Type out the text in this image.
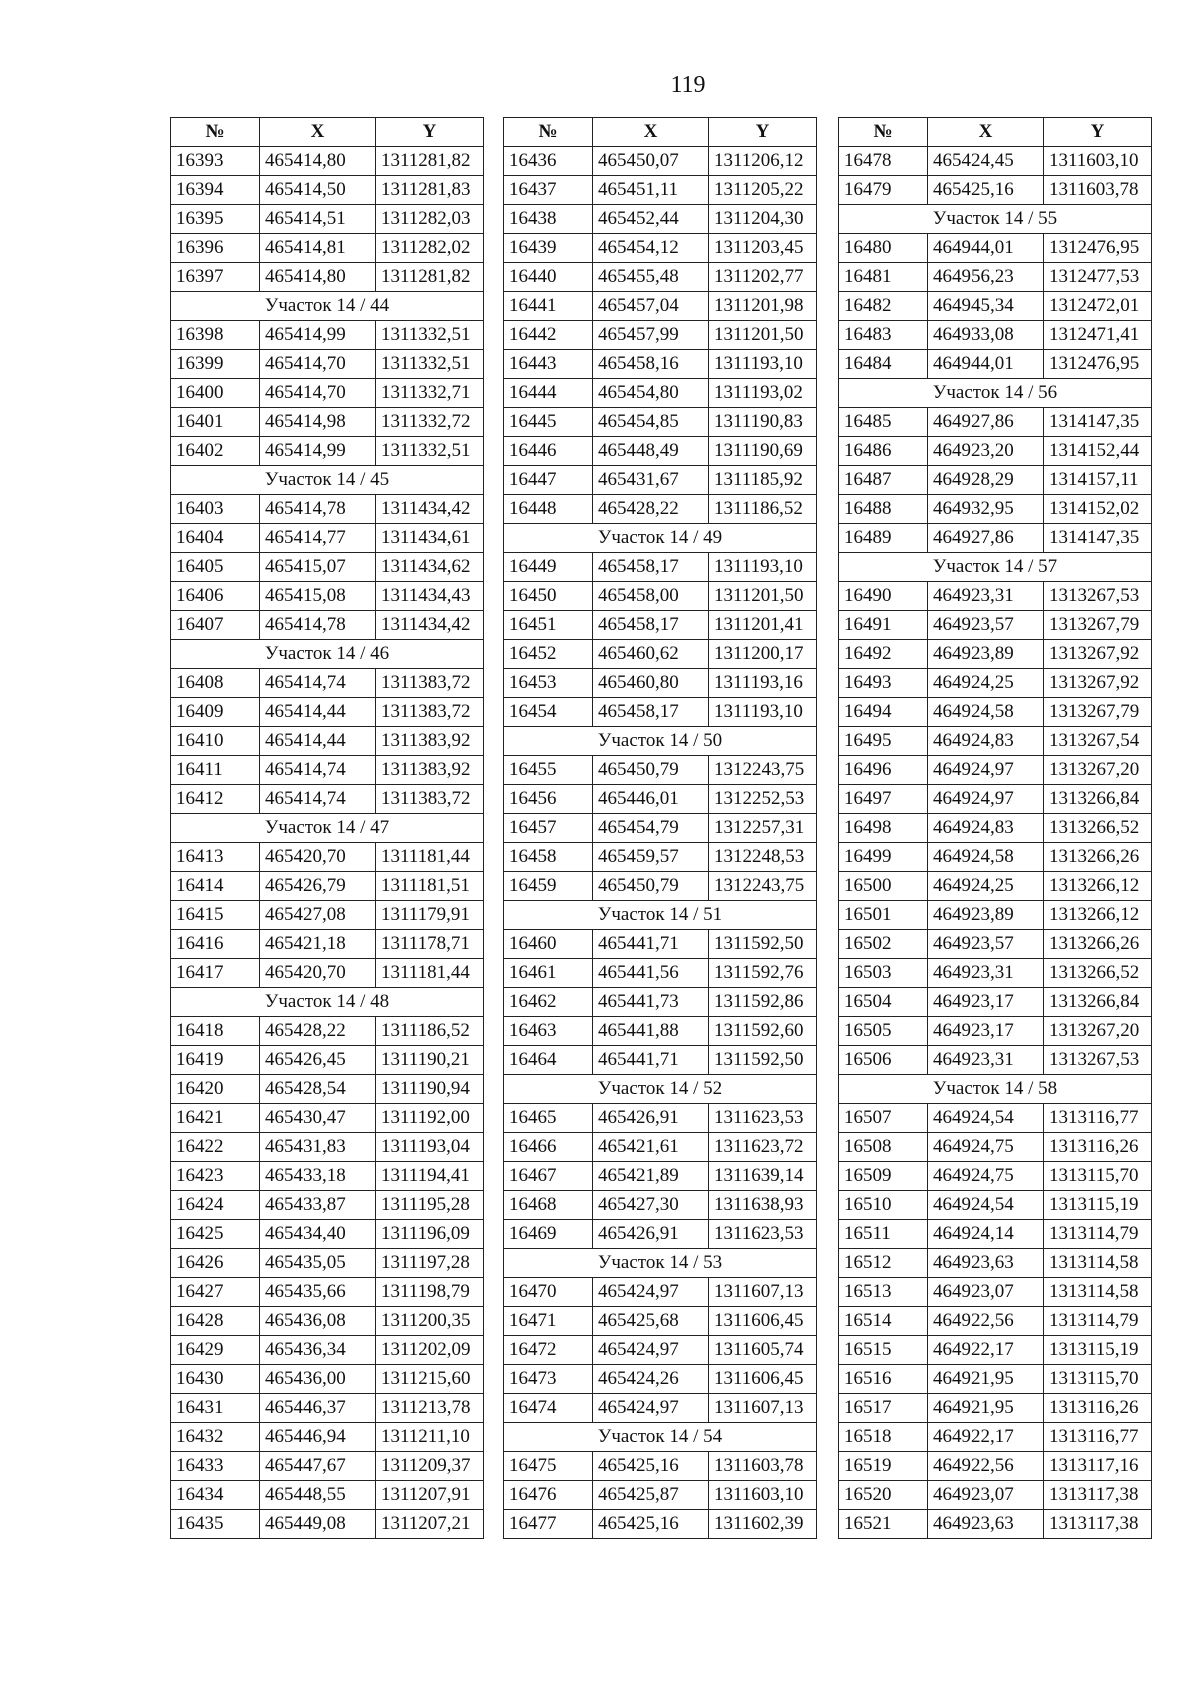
119
№	X	Y
16393	465414,80	1311281,82
16394	465414,50	1311281,83
16395	465414,51	1311282,03
16396	465414,81	1311282,02
16397	465414,80	1311281,82
Участок 14 / 44		
16398	465414,99	1311332,51
16399	465414,70	1311332,51
16400	465414,70	1311332,71
16401	465414,98	1311332,72
16402	465414,99	1311332,51
Участок 14 / 45		
16403	465414,78	1311434,42
16404	465414,77	1311434,61
16405	465415,07	1311434,62
16406	465415,08	1311434,43
16407	465414,78	1311434,42
Участок 14 / 46		
16408	465414,74	1311383,72
16409	465414,44	1311383,72
16410	465414,44	1311383,92
16411	465414,74	1311383,92
16412	465414,74	1311383,72
Участок 14 / 47		
16413	465420,70	1311181,44
16414	465426,79	1311181,51
16415	465427,08	1311179,91
16416	465421,18	1311178,71
16417	465420,70	1311181,44
Участок 14 / 48		
16418	465428,22	1311186,52
16419	465426,45	1311190,21
16420	465428,54	1311190,94
16421	465430,47	1311192,00
16422	465431,83	1311193,04
16423	465433,18	1311194,41
16424	465433,87	1311195,28
16425	465434,40	1311196,09
16426	465435,05	1311197,28
16427	465435,66	1311198,79
16428	465436,08	1311200,35
16429	465436,34	1311202,09
16430	465436,00	1311215,60
16431	465446,37	1311213,78
16432	465446,94	1311211,10
16433	465447,67	1311209,37
16434	465448,55	1311207,91
16435	465449,08	1311207,21
№	X	Y
16436	465450,07	1311206,12
16437	465451,11	1311205,22
16438	465452,44	1311204,30
16439	465454,12	1311203,45
16440	465455,48	1311202,77
16441	465457,04	1311201,98
16442	465457,99	1311201,50
16443	465458,16	1311193,10
16444	465454,80	1311193,02
16445	465454,85	1311190,83
16446	465448,49	1311190,69
16447	465431,67	1311185,92
16448	465428,22	1311186,52
Участок 14 / 49		
16449	465458,17	1311193,10
16450	465458,00	1311201,50
16451	465458,17	1311201,41
16452	465460,62	1311200,17
16453	465460,80	1311193,16
16454	465458,17	1311193,10
Участок 14 / 50		
16455	465450,79	1312243,75
16456	465446,01	1312252,53
16457	465454,79	1312257,31
16458	465459,57	1312248,53
16459	465450,79	1312243,75
Участок 14 / 51		
16460	465441,71	1311592,50
16461	465441,56	1311592,76
16462	465441,73	1311592,86
16463	465441,88	1311592,60
16464	465441,71	1311592,50
Участок 14 / 52		
16465	465426,91	1311623,53
16466	465421,61	1311623,72
16467	465421,89	1311639,14
16468	465427,30	1311638,93
16469	465426,91	1311623,53
Участок 14 / 53		
16470	465424,97	1311607,13
16471	465425,68	1311606,45
16472	465424,97	1311605,74
16473	465424,26	1311606,45
16474	465424,97	1311607,13
Участок 14 / 54		
16475	465425,16	1311603,78
16476	465425,87	1311603,10
16477	465425,16	1311602,39
№	X	Y
16478	465424,45	1311603,10
16479	465425,16	1311603,78
Участок 14 / 55		
16480	464944,01	1312476,95
16481	464956,23	1312477,53
16482	464945,34	1312472,01
16483	464933,08	1312471,41
16484	464944,01	1312476,95
Участок 14 / 56		
16485	464927,86	1314147,35
16486	464923,20	1314152,44
16487	464928,29	1314157,11
16488	464932,95	1314152,02
16489	464927,86	1314147,35
Участок 14 / 57		
16490	464923,31	1313267,53
16491	464923,57	1313267,79
16492	464923,89	1313267,92
16493	464924,25	1313267,92
16494	464924,58	1313267,79
16495	464924,83	1313267,54
16496	464924,97	1313267,20
16497	464924,97	1313266,84
16498	464924,83	1313266,52
16499	464924,58	1313266,26
16500	464924,25	1313266,12
16501	464923,89	1313266,12
16502	464923,57	1313266,26
16503	464923,31	1313266,52
16504	464923,17	1313266,84
16505	464923,17	1313267,20
16506	464923,31	1313267,53
Участок 14 / 58		
16507	464924,54	1313116,77
16508	464924,75	1313116,26
16509	464924,75	1313115,70
16510	464924,54	1313115,19
16511	464924,14	1313114,79
16512	464923,63	1313114,58
16513	464923,07	1313114,58
16514	464922,56	1313114,79
16515	464922,17	1313115,19
16516	464921,95	1313115,70
16517	464921,95	1313116,26
16518	464922,17	1313116,77
16519	464922,56	1313117,16
16520	464923,07	1313117,38
16521	464923,63	1313117,38
